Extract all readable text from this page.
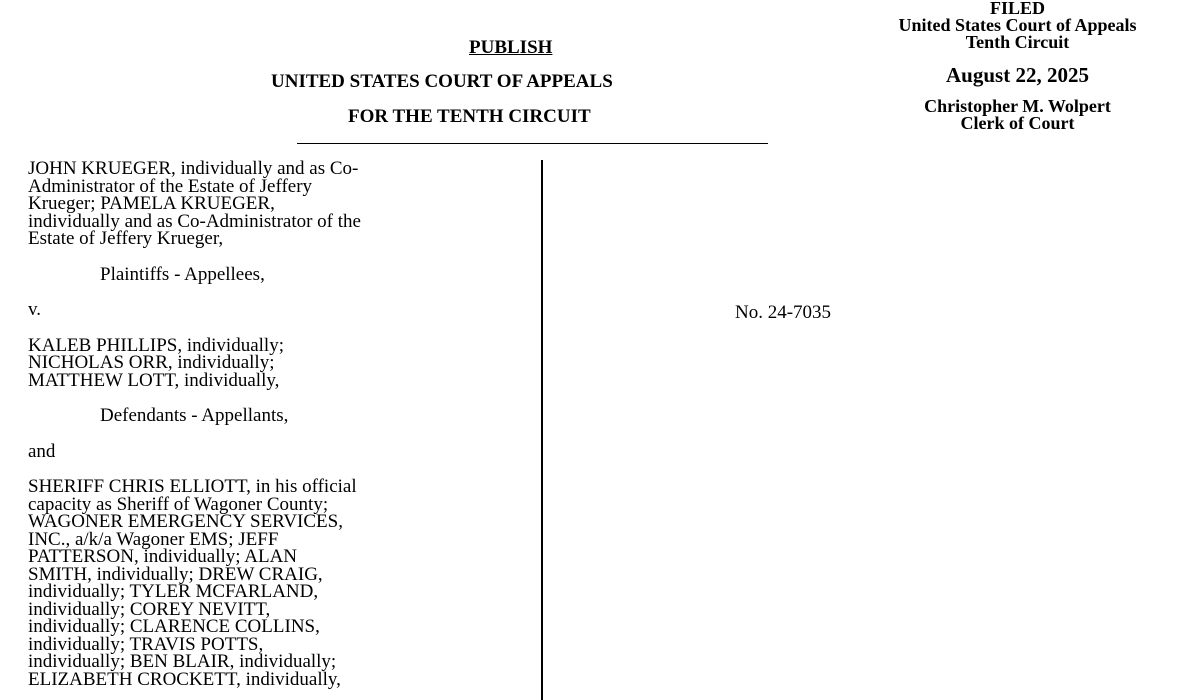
FILED
United States Court of Appeals
Tenth Circuit
August 22, 2025
Christopher M. Wolpert
Clerk of Court
PUBLISH
UNITED STATES COURT OF APPEALS
FOR THE TENTH CIRCUIT

JOHN KRUEGER, individually and as Co-

Administrator of the Estate of Jeffery

Krueger; PAMELA KRUEGER,

individually and as Co-Administrator of the

Estate of Jeffery Krueger,

Plaintiffs - Appellees,

v.

KALEB PHILLIPS, individually;

NICHOLAS ORR, individually;

MATTHEW LOTT, individually,

Defendants - Appellants,

and

SHERIFF CHRIS ELLIOTT, in his official

capacity as Sheriff of Wagoner County;

WAGONER EMERGENCY SERVICES,

INC., a/k/a Wagoner EMS; JEFF

PATTERSON, individually; ALAN

SMITH, individually; DREW CRAIG,

individually; TYLER MCFARLAND,

individually; COREY NEVITT,

individually; CLARENCE COLLINS,

individually; TRAVIS POTTS,

individually; BEN BLAIR, individually;

ELIZABETH CROCKETT, individually,

No. 24-7035
